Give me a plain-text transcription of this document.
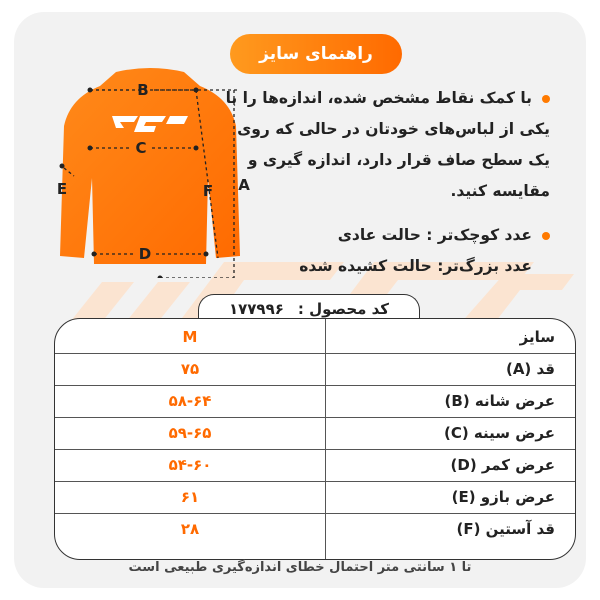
راهنمای سایز
B
C
D
E	F A
با کمک نقاط مشخص شده، اندازه‌ها را با یکی از لباس‌های خودتان در حالی که روی یک سطح صاف قرار دارد، اندازه گیری و مقایسه کنید.
عدد کوچک‌تر : حالت عادی
عدد بزرگ‌تر: حالت کشیده شده
کد محصول :
۱۷۷۹۹۶
M	سایز
۷۵	قد (A)
۵۸-۶۴	عرض شانه (B)
۵۹-۶۵	عرض سینه (C)
۵۴-۶۰	عرض کمر (D)
۶۱	عرض بازو (E)
۲۸	قد آستین (F)
تا ۱ سانتی متر احتمال خطای اندازه‌گیری طبیعی است
